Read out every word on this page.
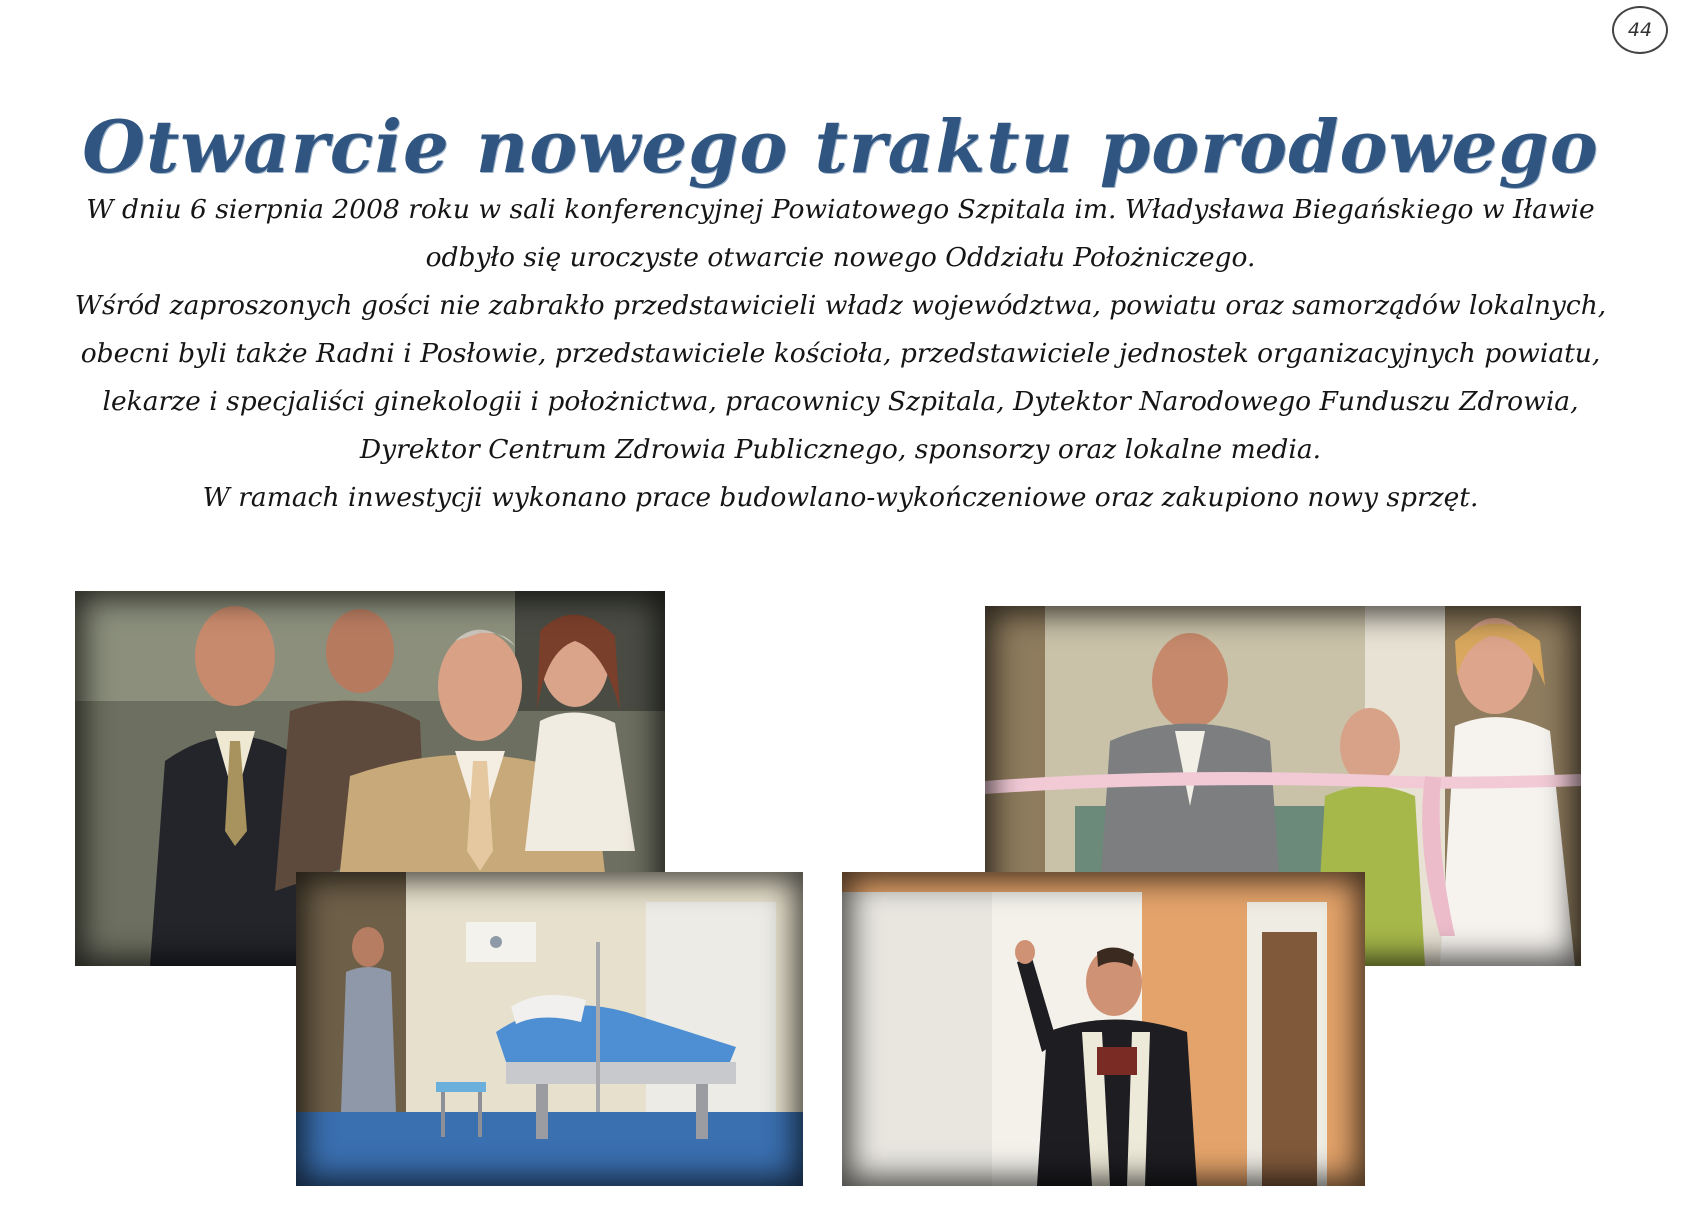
44
Otwarcie nowego traktu porodowego

W dniu 6 sierpnia 2008 roku w sali konferencyjnej Powiatowego Szpitala im. Władysława Biegańskiego w Iławie

odbyło się uroczyste otwarcie nowego Oddziału Położniczego.

Wśród zaproszonych gości nie zabrakło przedstawicieli władz województwa, powiatu oraz samorządów lokalnych,

obecni byli także Radni i Posłowie, przedstawiciele kościoła, przedstawiciele jednostek organizacyjnych powiatu,

lekarze i specjaliści ginekologii i położnictwa, pracownicy Szpitala, Dytektor Narodowego Funduszu Zdrowia,

Dyrektor Centrum Zdrowia Publicznego, sponsorzy oraz lokalne media.

W ramach inwestycji wykonano prace budowlano-wykończeniowe oraz zakupiono nowy sprzęt.
